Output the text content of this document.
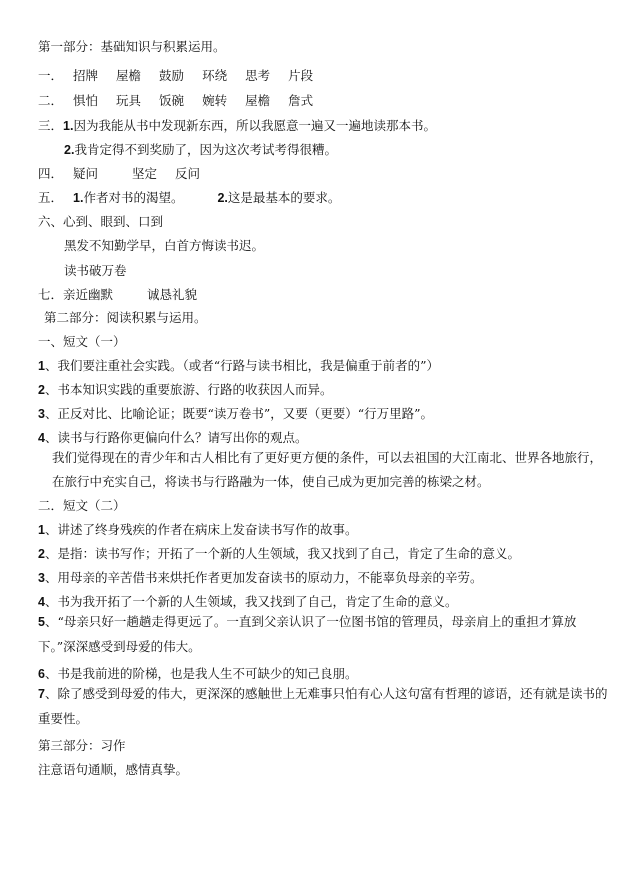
第一部分：基础知识与积累运用。
一． 招牌 屋檐 鼓励 环绕 思考 片段
二． 惧怕 玩具 饭碗 婉转 屋檐 詹式
三．1.因为我能从书中发现新东西，所以我愿意一遍又一遍地读那本书。
2.我肯定得不到奖励了，因为这次考试考得很糟。
四． 疑问	坚定 反问
五． 1.作者对书的渴望。	2.这是最基本的要求。
六、心到、眼到、口到
黑发不知勤学早，白首方悔读书迟。
读书破万卷
七．亲近幽默	诚恳礼貌
第二部分：阅读积累与运用。
一、短文（一）
1、我们要注重社会实践。（或者“行路与读书相比，我是偏重于前者的”）
2、书本知识实践的重要旅游、行路的收获因人而异。
3、正反对比、比喻论证；既要“读万卷书”，又要（更要）“行万里路”。
4、读书与行路你更偏向什么？请写出你的观点。
我们觉得现在的青少年和古人相比有了更好更方便的条件，可以去祖国的大江南北、世界各地旅行，在旅行中充实自己，将读书与行路融为一体，使自己成为更加完善的栋梁之材。
二．短文（二）
1、讲述了终身残疾的作者在病床上发奋读书写作的故事。
2、是指：读书写作；开拓了一个新的人生领域，我又找到了自己，肯定了生命的意义。
3、用母亲的辛苦借书来烘托作者更加发奋读书的原动力，不能辜负母亲的辛劳。
4、书为我开拓了一个新的人生领域，我又找到了自己，肯定了生命的意义。
5、“母亲只好一趟趟走得更远了。一直到父亲认识了一位图书馆的管理员，母亲肩上的重担才算放下。”深深感受到母爱的伟大。
6、书是我前进的阶梯，也是我人生不可缺少的知己良朋。
7、除了感受到母爱的伟大，更深深的感触世上无难事只怕有心人这句富有哲理的谚语，还有就是读书的重要性。
第三部分：习作
注意语句通顺，感情真挚。
